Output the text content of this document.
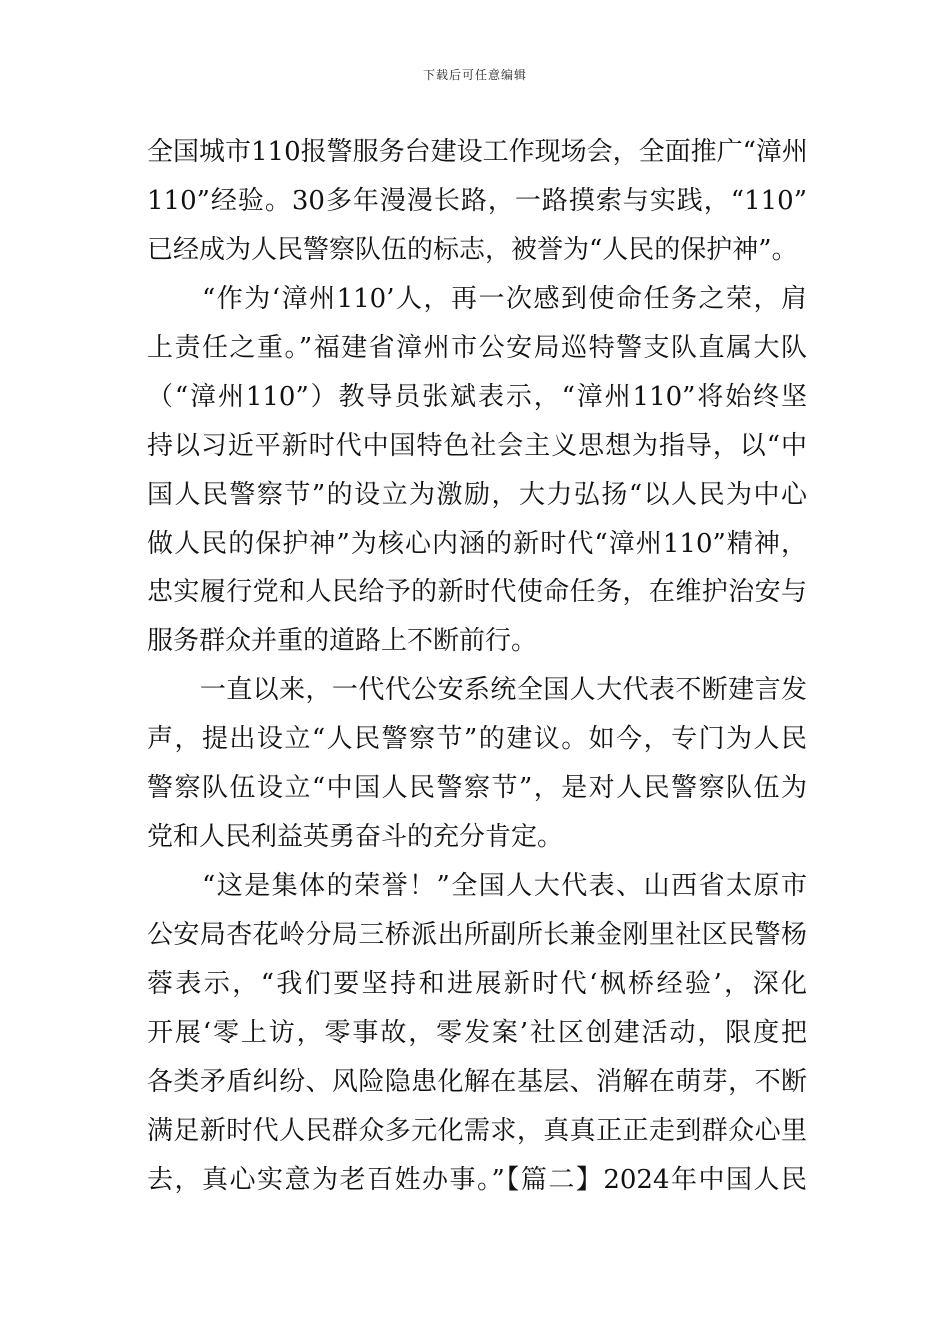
下载后可任意编辑
全国城市110报警服务台建设工作现场会，全面推广“漳州
110”经验。30多年漫漫长路，一路摸索与实践，“110”
已经成为人民警察队伍的标志，被誉为“人民的保护神”。
　　“作为‘漳州110’人，再一次感到使命任务之荣，肩
上责任之重。”福建省漳州市公安局巡特警支队直属大队
（“漳州110”）教导员张斌表示，“漳州110”将始终坚
持以习近平新时代中国特色社会主义思想为指导，以“中
国人民警察节”的设立为激励，大力弘扬“以人民为中心
做人民的保护神”为核心内涵的新时代“漳州110”精神，
忠实履行党和人民给予的新时代使命任务，在维护治安与
服务群众并重的道路上不断前行。
　　一直以来，一代代公安系统全国人大代表不断建言发
声，提出设立“人民警察节”的建议。如今，专门为人民
警察队伍设立“中国人民警察节”，是对人民警察队伍为
党和人民利益英勇奋斗的充分肯定。
　　“这是集体的荣誉！”全国人大代表、山西省太原市
公安局杏花岭分局三桥派出所副所长兼金刚里社区民警杨
蓉表示，“我们要坚持和进展新时代‘枫桥经验’，深化
开展‘零上访，零事故，零发案’社区创建活动，限度把
各类矛盾纠纷、风险隐患化解在基层、消解在萌芽，不断
满足新时代人民群众多元化需求，真真正正走到群众心里
去，真心实意为老百姓办事。”【篇二】2024年中国人民
